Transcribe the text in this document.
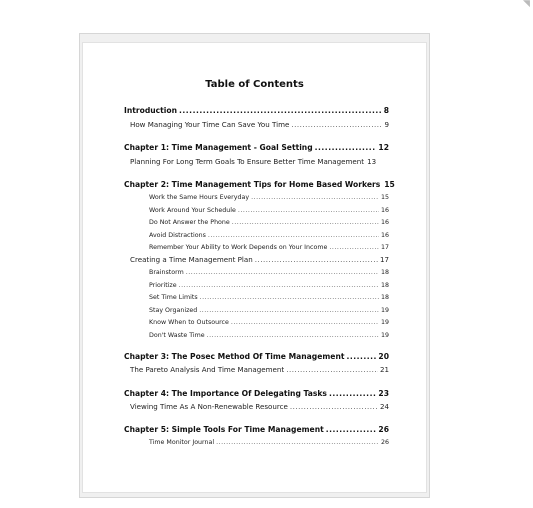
◥
Table of Contents
Introduction .....	8
How Managing Your Time Can Save You Time .....	9
Chapter 1: Time Management - Goal Setting .....	12
Planning For Long Term Goals To Ensure Better Time Management 13
Chapter 2: Time Management Tips for Home Based Workers 15
Work the Same Hours Everyday .....	15
Work Around Your Schedule .....	16
Do Not Answer the Phone .....	16
Avoid Distractions .....	16
Remember Your Ability to Work Depends on Your Income .....	17
Creating a Time Management Plan .....	17
Brainstorm .....	18
Prioritize .....	18
Set Time Limits .....	18
Stay Organized .....	19
Know When to Outsource .....	19
Don't Waste Time .....	19
Chapter 3: The Posec Method Of Time Management .....	20
The Pareto Analysis And Time Management .....	21
Chapter 4: The Importance Of Delegating Tasks .....	23
Viewing Time As A Non-Renewable Resource .....	24
Chapter 5: Simple Tools For Time Management .....	26
Time Monitor Journal .....	26
